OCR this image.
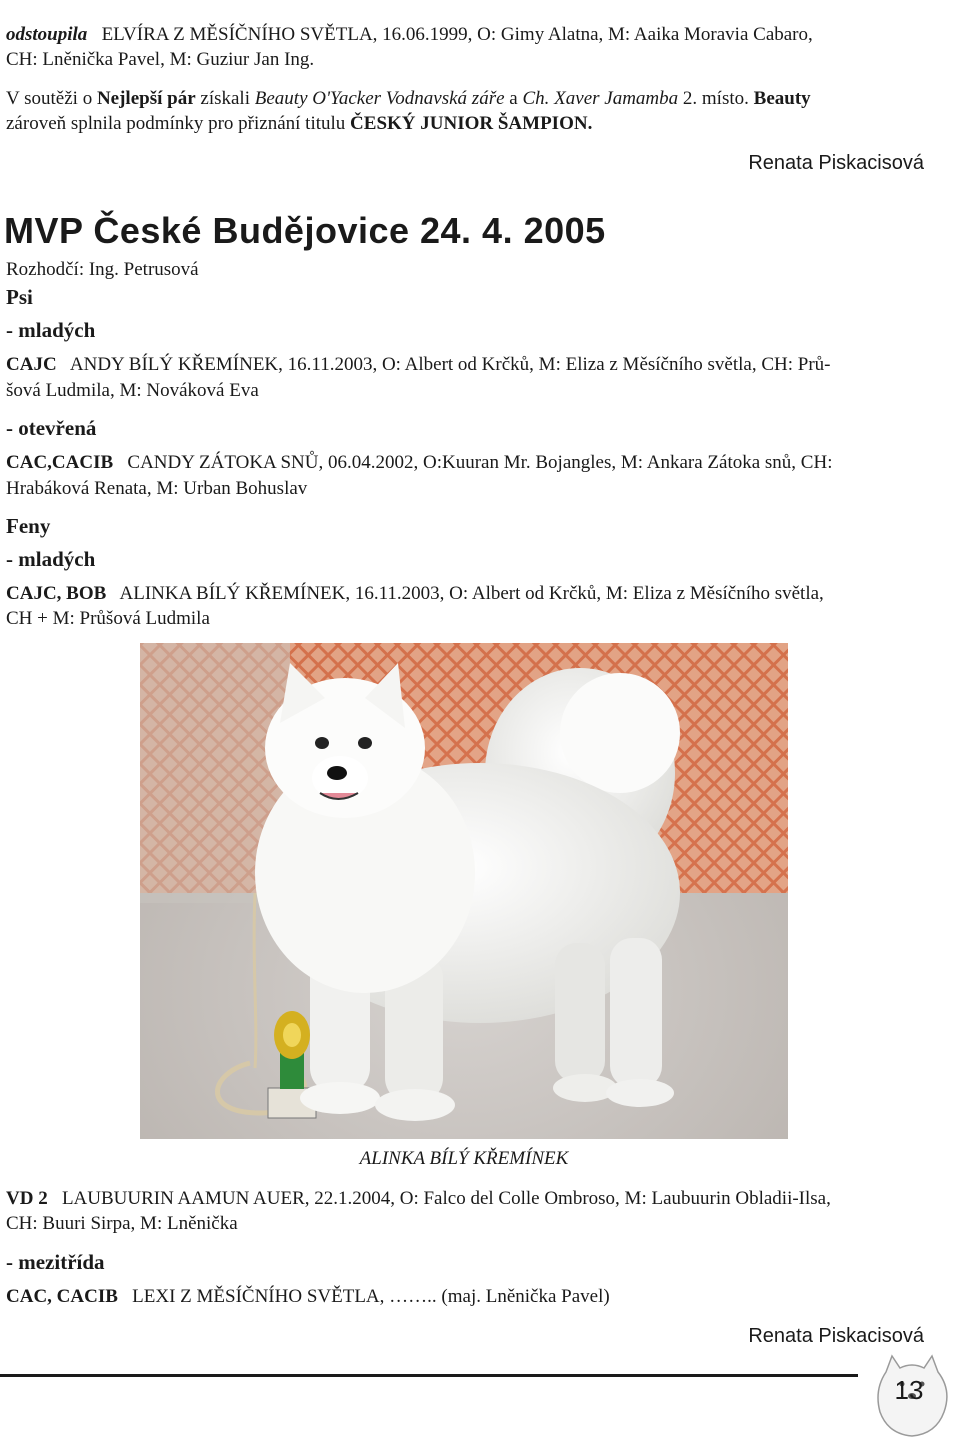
odstoupila ELVÍRA Z MĚSÍČNÍHO SVĚTLA, 16.06.1999, O: Gimy Alatna, M: Aaika Moravia Cabaro,
CH: Lněnička Pavel, M: Guziur Jan Ing.
V soutěži o Nejlepší pár získali Beauty O'Yacker Vodnavská záře a Ch. Xaver Jamamba 2. místo. Beauty
zároveň splnila podmínky pro přiznání titulu ČESKÝ JUNIOR ŠAMPION.
Renata Piskacisová
MVP České Budějovice 24. 4. 2005
Rozhodčí: Ing. Petrusová
Psi
- mladých
CAJC ANDY BÍLÝ KŘEMÍNEK, 16.11.2003, O: Albert od Krčků, M: Eliza z Měsíčního světla, CH: Prů-
šová Ludmila, M: Nováková Eva
- otevřená
CAC,CACIB CANDY ZÁTOKA SNŮ, 06.04.2002, O:Kuuran Mr. Bojangles, M: Ankara Zátoka snů, CH:
Hrabáková Renata, M: Urban Bohuslav
Feny
- mladých
CAJC, BOB ALINKA BÍLÝ KŘEMÍNEK, 16.11.2003, O: Albert od Krčků, M: Eliza z Měsíčního světla,
CH + M: Průšová Ludmila
ALINKA BÍLÝ KŘEMÍNEK
VD 2 LAUBUURIN AAMUN AUER, 22.1.2004, O: Falco del Colle Ombroso, M: Laubuurin Obladii-Ilsa,
CH: Buuri Sirpa, M: Lněnička
- mezitřída
CAC, CACIB LEXI Z MĚSÍČNÍHO SVĚTLA, …….. (maj. Lněnička Pavel)
Renata Piskacisová
13
